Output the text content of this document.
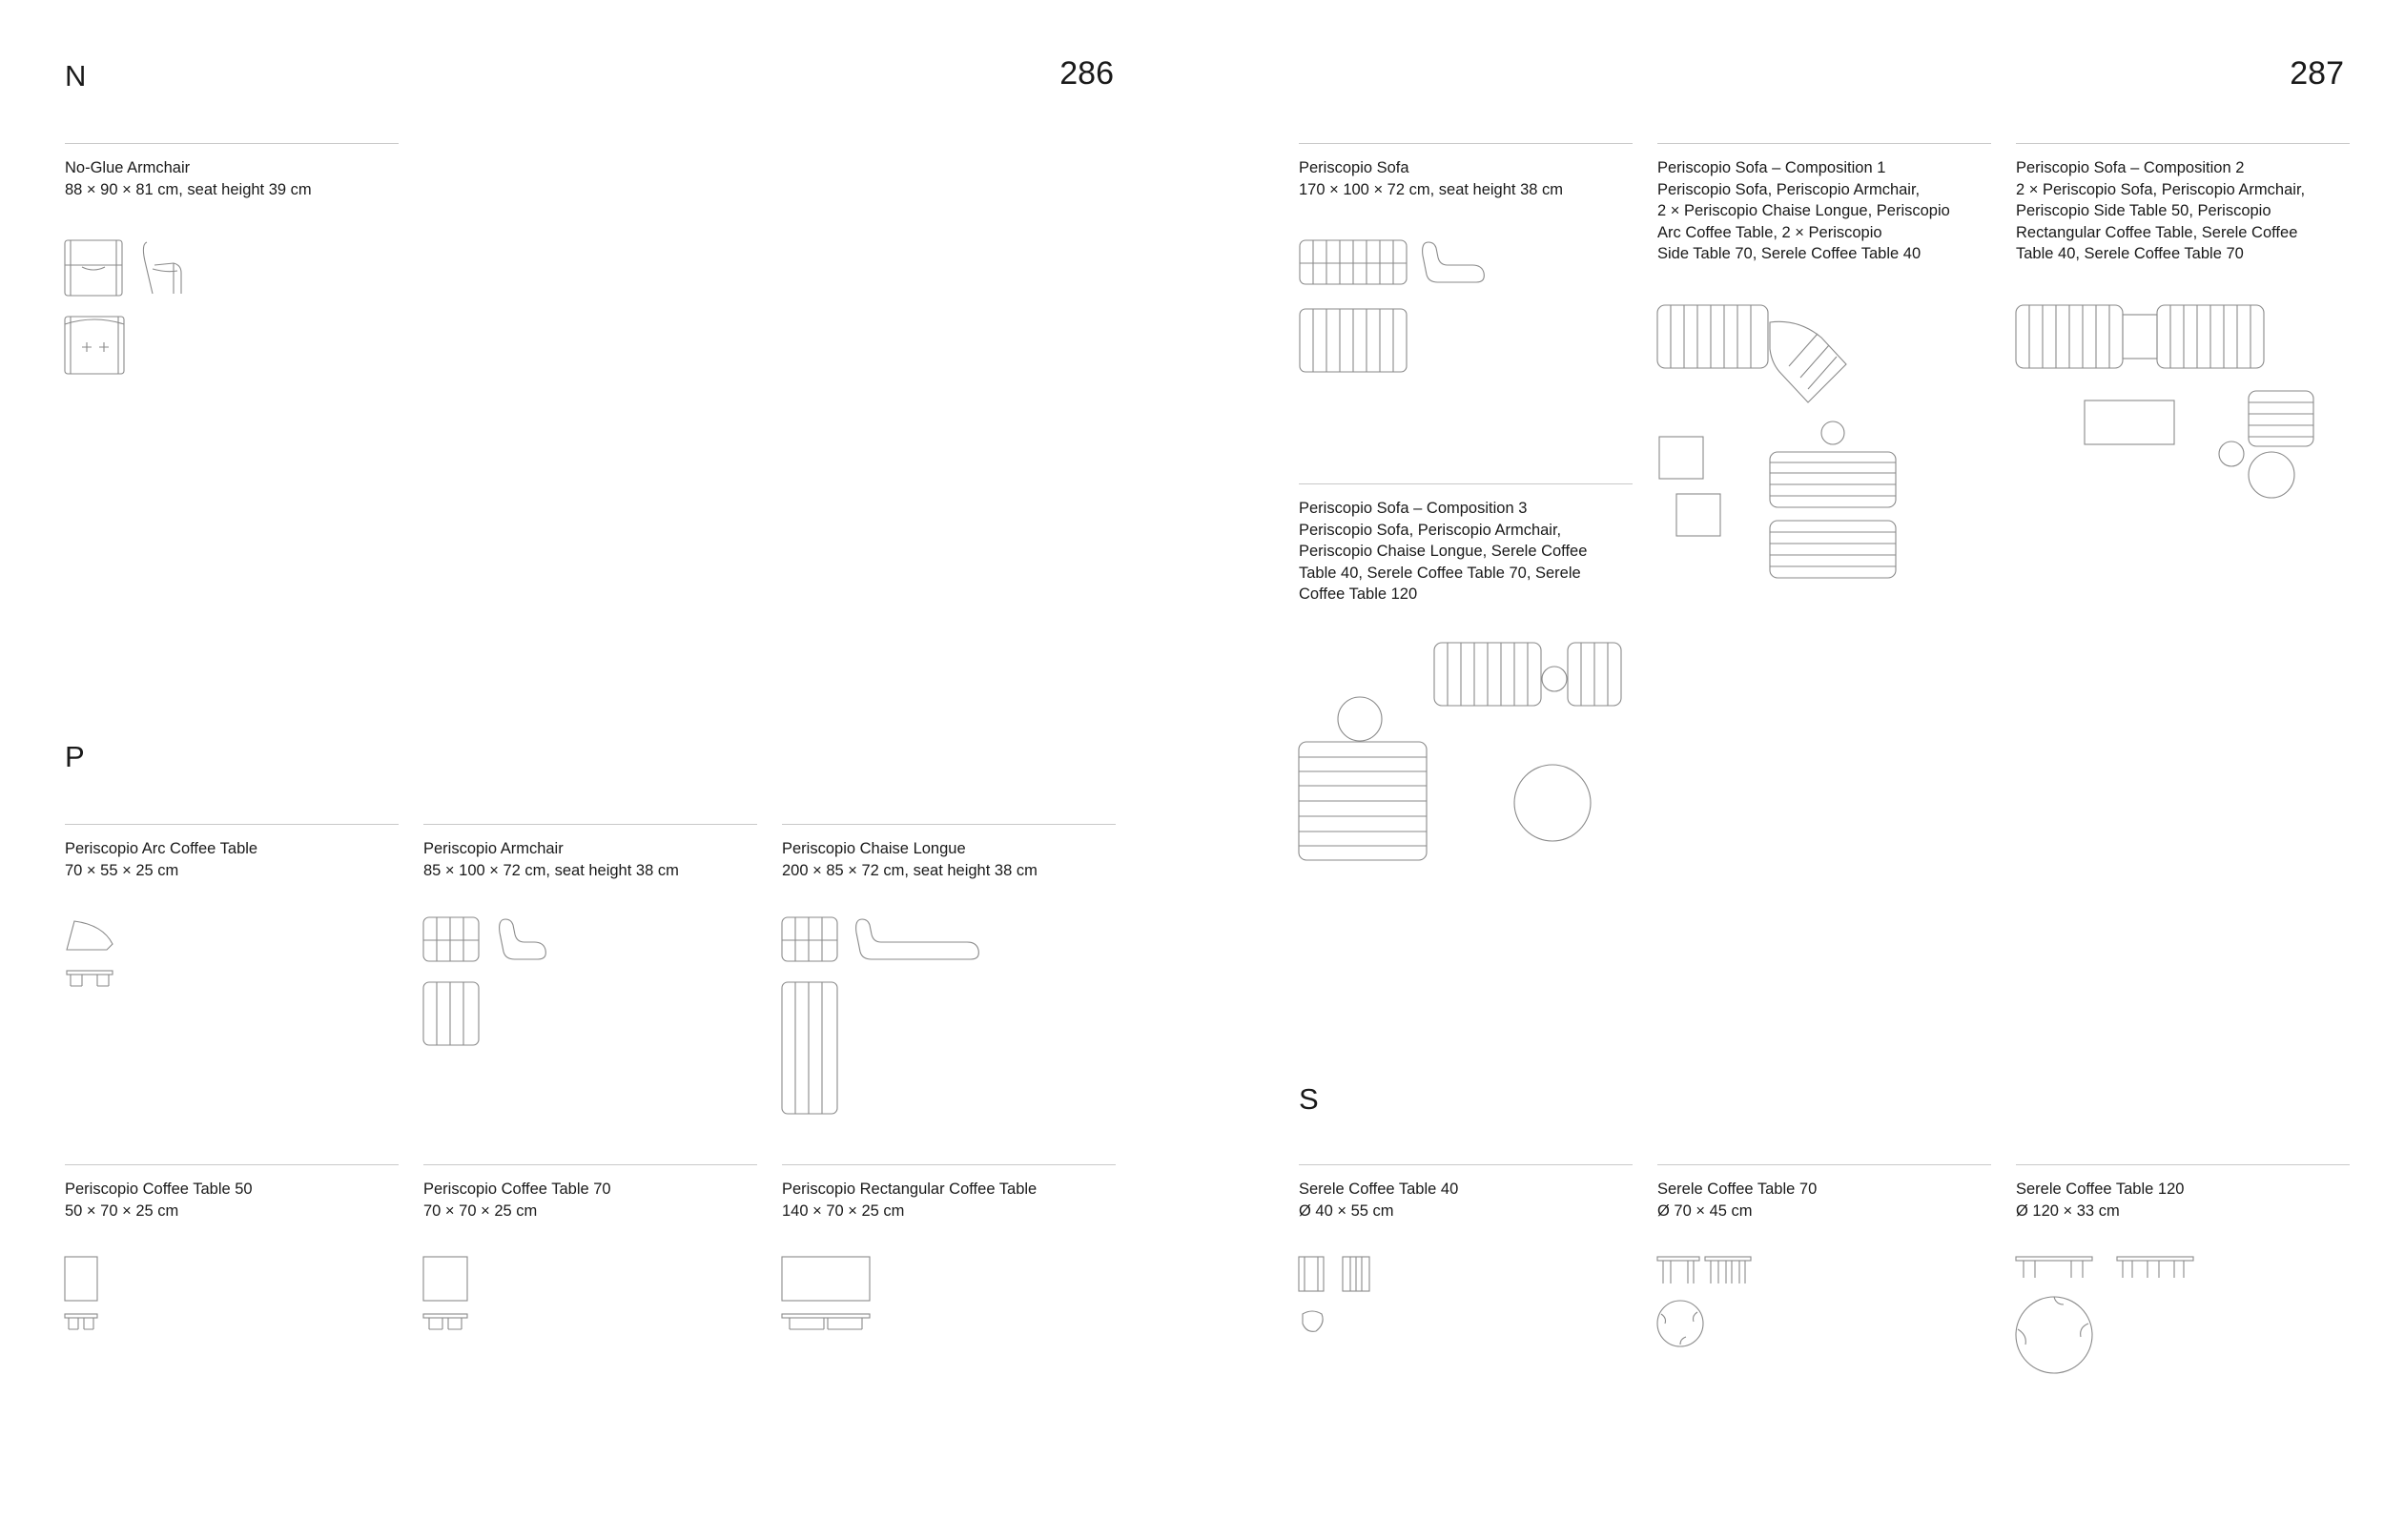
N	286	287
P
S
No-Glue Armchair
88 × 90 × 81 cm, seat height 39 cm
Periscopio Sofa
170 × 100 × 72 cm, seat height 38 cm
Periscopio Sofa – Composition 1
Periscopio Sofa, Periscopio Armchair,
2 × Periscopio Chaise Longue, Periscopio
Arc Coffee Table, 2 × Periscopio
Side Table 70, Serele Coffee Table 40
Periscopio Sofa – Composition 2
2 × Periscopio Sofa, Periscopio Armchair,
Periscopio Side Table 50, Periscopio
Rectangular Coffee Table, Serele Coffee
Table 40, Serele Coffee Table 70
Periscopio Sofa – Composition 3
Periscopio Sofa, Periscopio Armchair,
Periscopio Chaise Longue, Serele Coffee
Table 40, Serele Coffee Table 70, Serele
Coffee Table 120
Periscopio Arc Coffee Table
70 × 55 × 25 cm
Periscopio Armchair
85 × 100 × 72 cm, seat height 38 cm
Periscopio Chaise Longue
200 × 85 × 72 cm, seat height 38 cm
Periscopio Coffee Table 50
50 × 70 × 25 cm
Periscopio Coffee Table 70
70 × 70 × 25 cm
Periscopio Rectangular Coffee Table
140 × 70 × 25 cm
Serele Coffee Table 40
Ø 40 × 55 cm
Serele Coffee Table 70
Ø 70 × 45 cm
Serele Coffee Table 120
Ø 120 × 33 cm
